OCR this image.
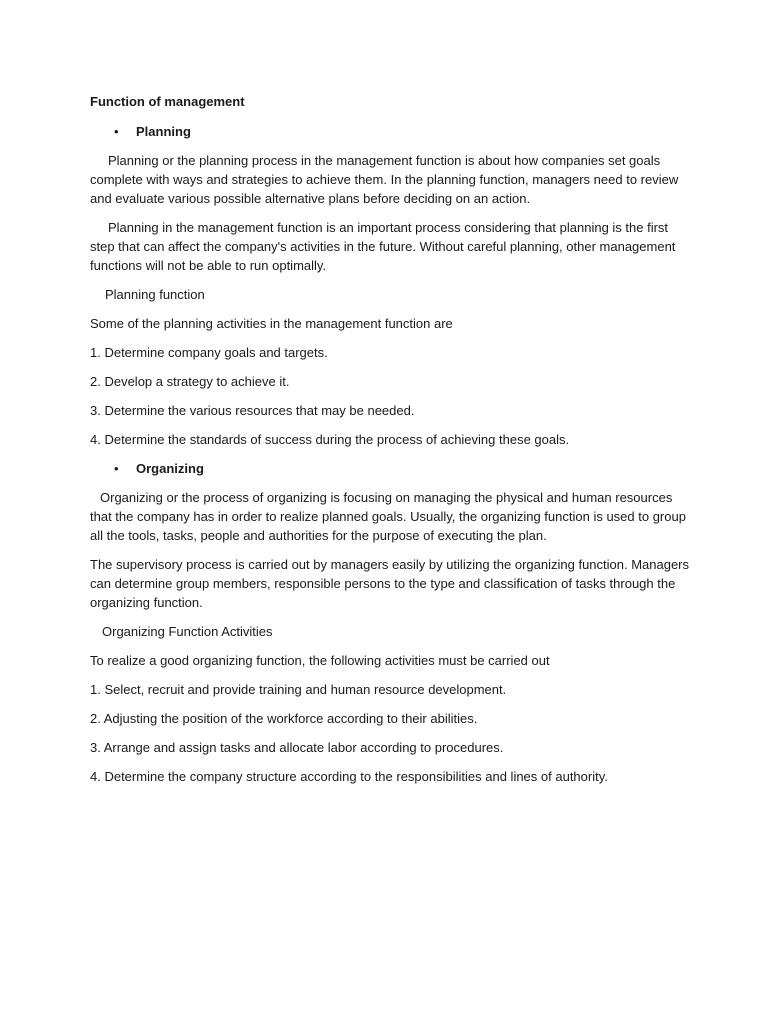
Function of management
• Planning

Planning or the planning process in the management function is about how companies set goals complete with ways and strategies to achieve them. In the planning function, managers need to review and evaluate various possible alternative plans before deciding on an action.

Planning in the management function is an important process considering that planning is the first step that can affect the company's activities in the future. Without careful planning, other management functions will not be able to run optimally.

Planning function

Some of the planning activities in the management function are

1. Determine company goals and targets.

2. Develop a strategy to achieve it.

3. Determine the various resources that may be needed.

4. Determine the standards of success during the process of achieving these goals.

• Organizing

Organizing or the process of organizing is focusing on managing the physical and human resources that the company has in order to realize planned goals. Usually, the organizing function is used to group all the tools, tasks, people and authorities for the purpose of executing the plan.

The supervisory process is carried out by managers easily by utilizing the organizing function. Managers can determine group members, responsible persons to the type and classification of tasks through the organizing function.

Organizing Function Activities

To realize a good organizing function, the following activities must be carried out

1. Select, recruit and provide training and human resource development.

2. Adjusting the position of the workforce according to their abilities.

3. Arrange and assign tasks and allocate labor according to procedures.

4. Determine the company structure according to the responsibilities and lines of authority.
